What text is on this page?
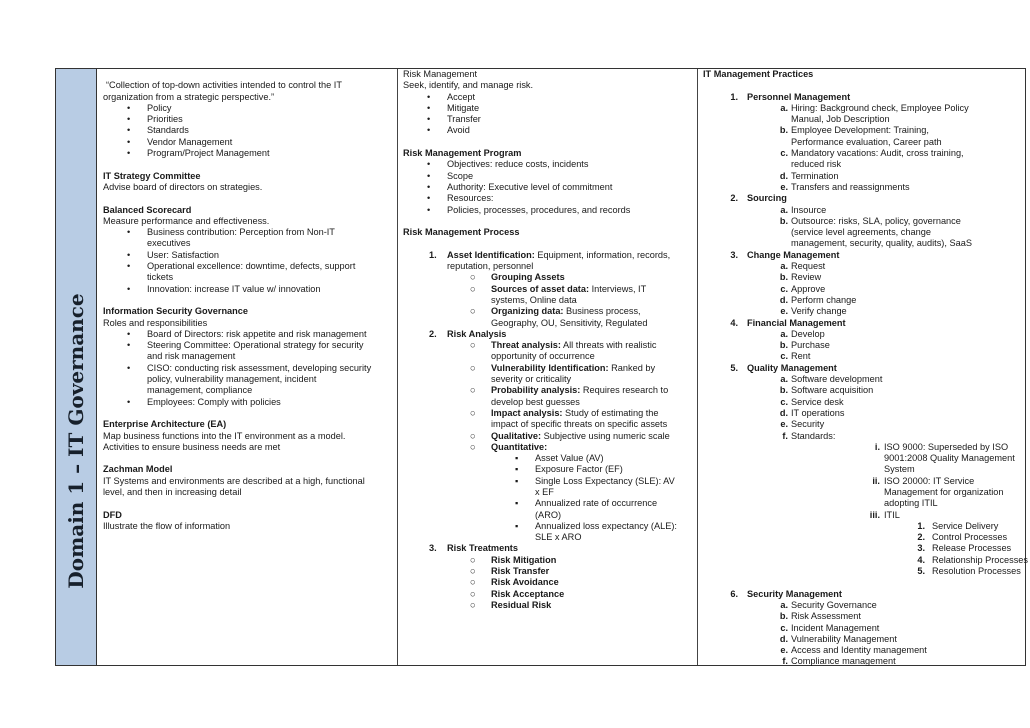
Domain 1 – IT Governance
“Collection of top-down activities intended to control the IT
organization from a strategic perspective.”
• Policy
• Priorities
• Standards
• Vendor Management
• Program/Project Management
IT Strategy Committee
Advise board of directors on strategies.
Balanced Scorecard
Measure performance and effectiveness.
• Business contribution: Perception from Non-IT
executives
• User: Satisfaction
• Operational excellence: downtime, defects, support
tickets
• Innovation: increase IT value w/ innovation
Information Security Governance
Roles and responsibilities
• Board of Directors: risk appetite and risk management
• Steering Committee: Operational strategy for security
and risk management
• CISO: conducting risk assessment, developing security
policy, vulnerability management, incident
management, compliance
• Employees: Comply with policies
Enterprise Architecture (EA)
Map business functions into the IT environment as a model.
Activities to ensure business needs are met
Zachman Model
IT Systems and environments are described at a high, functional
level, and then in increasing detail
DFD
Illustrate the flow of information
Risk Management
Seek, identify, and manage risk.
• Accept
• Mitigate
• Transfer
• Avoid
Risk Management Program
• Objectives: reduce costs, incidents
• Scope
• Authority: Executive level of commitment
• Resources:
• Policies, processes, procedures, and records
Risk Management Process
1. Asset Identification: Equipment, information, records,
reputation, personnel
○ Grouping Assets
○ Sources of asset data: Interviews, IT
systems, Online data
○ Organizing data: Business process,
Geography, OU, Sensitivity, Regulated
2. Risk Analysis
○ Threat analysis: All threats with realistic
opportunity of occurrence
○ Vulnerability Identification: Ranked by
severity or criticality
○ Probability analysis: Requires research to
develop best guesses
○ Impact analysis: Study of estimating the
impact of specific threats on specific assets
○ Qualitative: Subjective using numeric scale
○ Quantitative:
▪ Asset Value (AV)
▪ Exposure Factor (EF)
▪ Single Loss Expectancy (SLE): AV
x EF
▪ Annualized rate of occurrence
(ARO)
▪ Annualized loss expectancy (ALE):
SLE x ARO
3. Risk Treatments
○ Risk Mitigation
○ Risk Transfer
○ Risk Avoidance
○ Risk Acceptance
○ Residual Risk
IT Management Practices
1. Personnel Management
a. Hiring: Background check, Employee Policy
Manual, Job Description
b. Employee Development: Training,
Performance evaluation, Career path
c. Mandatory vacations: Audit, cross training,
reduced risk
d. Termination
e. Transfers and reassignments
2. Sourcing
a. Insource
b. Outsource: risks, SLA, policy, governance
(service level agreements, change
management, security, quality, audits), SaaS
3. Change Management
a. Request
b. Review
c. Approve
d. Perform change
e. Verify change
4. Financial Management
a. Develop
b. Purchase
c. Rent
5. Quality Management
a. Software development
b. Software acquisition
c. Service desk
d. IT operations
e. Security
f. Standards:
i. ISO 9000: Superseded by ISO
9001:2008 Quality Management
System
ii. ISO 20000: IT Service
Management for organization
adopting ITIL
iii. ITIL
1. Service Delivery
2. Control Processes
3. Release Processes
4. Relationship Processes
5. Resolution Processes
6. Security Management
a. Security Governance
b. Risk Assessment
c. Incident Management
d. Vulnerability Management
e. Access and Identity management
f. Compliance management
